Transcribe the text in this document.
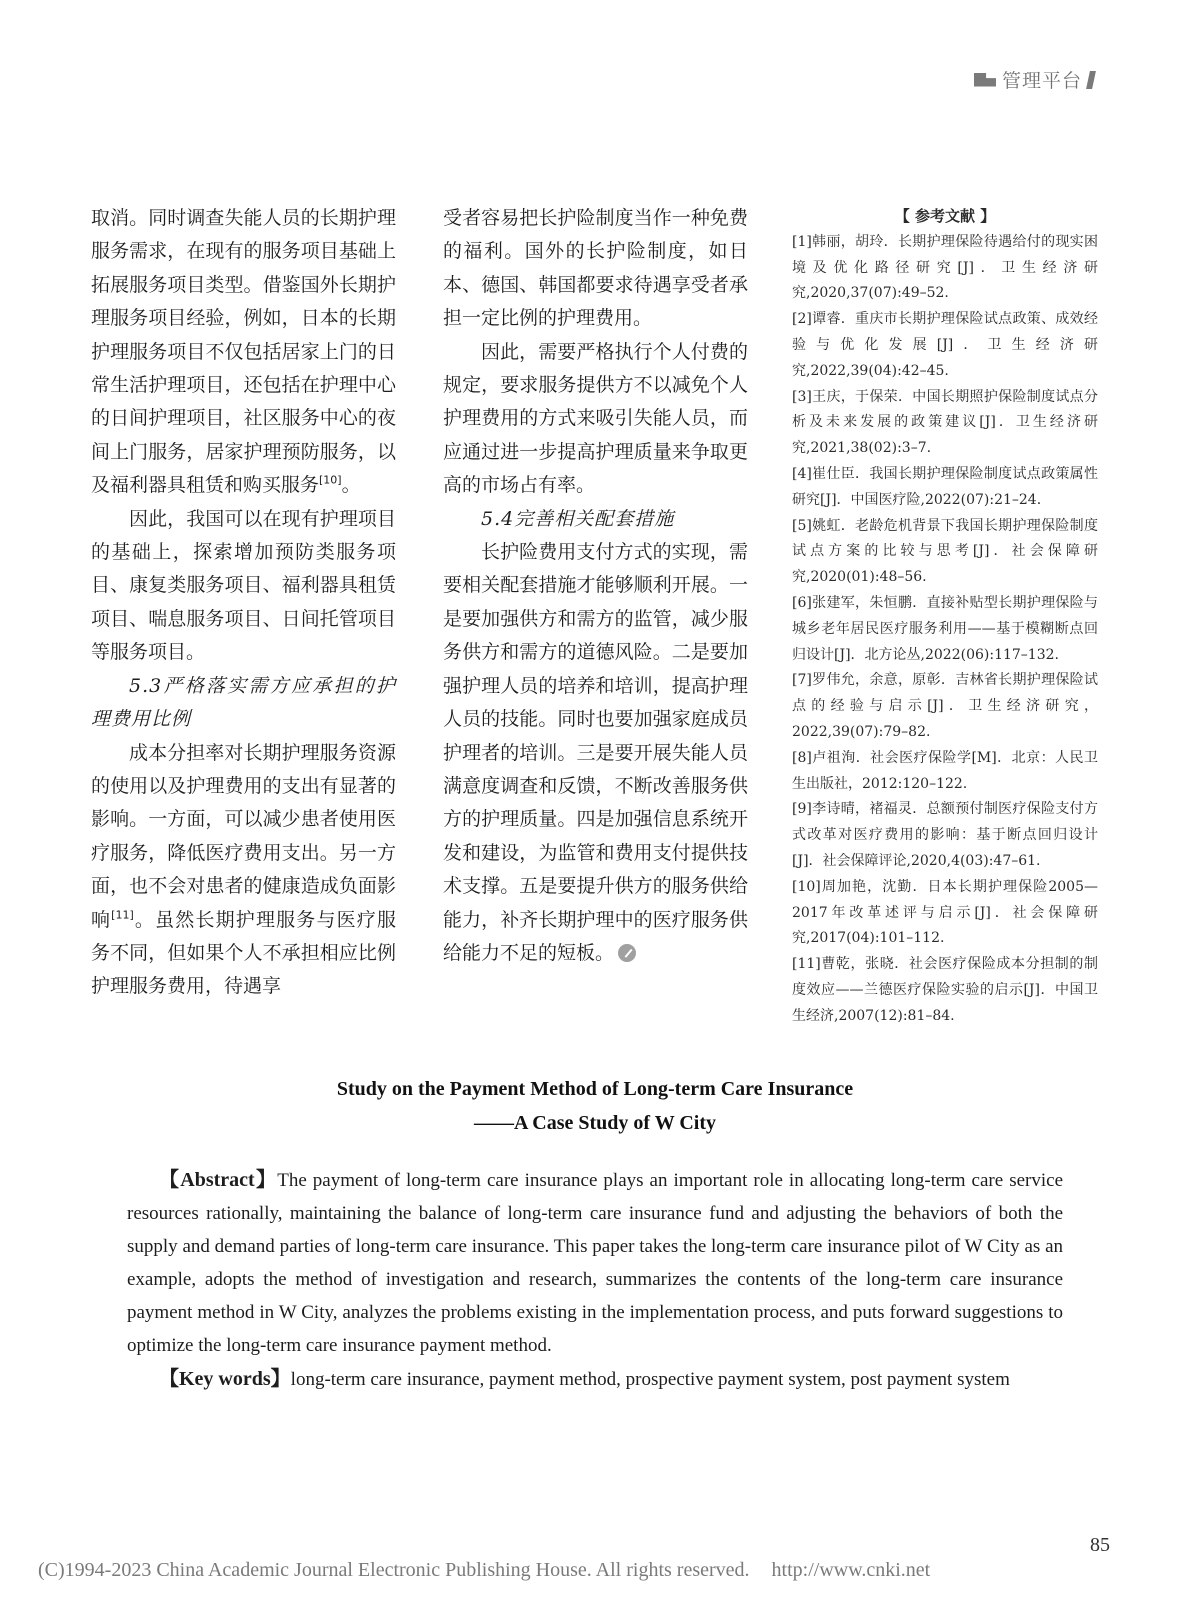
管理平台

取消。同时调查失能人员的长期护理服务需求，在现有的服务项目基础上拓展服务项目类型。借鉴国外长期护理服务项目经验，例如，日本的长期护理服务项目不仅包括居家上门的日常生活护理项目，还包括在护理中心的日间护理项目，社区服务中心的夜间上门服务，居家护理预防服务，以及福利器具租赁和购买服务[10]。

因此，我国可以在现有护理项目的基础上，探索增加预防类服务项目、康复类服务项目、福利器具租赁项目、喘息服务项目、日间托管项目等服务项目。

5.3严格落实需方应承担的护理费用比例

成本分担率对长期护理服务资源的使用以及护理费用的支出有显著的影响。一方面，可以减少患者使用医疗服务，降低医疗费用支出。另一方面，也不会对患者的健康造成负面影响[11]。虽然长期护理服务与医疗服务不同，但如果个人不承担相应比例护理服务费用，待遇享

受者容易把长护险制度当作一种免费的福利。国外的长护险制度，如日本、德国、韩国都要求待遇享受者承担一定比例的护理费用。

因此，需要严格执行个人付费的规定，要求服务提供方不以减免个人护理费用的方式来吸引失能人员，而应通过进一步提高护理质量来争取更高的市场占有率。

5.4完善相关配套措施

长护险费用支付方式的实现，需要相关配套措施才能够顺利开展。一是要加强供方和需方的监管，减少服务供方和需方的道德风险。二是要加强护理人员的培养和培训，提高护理人员的技能。同时也要加强家庭成员护理者的培训。三是要开展失能人员满意度调查和反馈，不断改善服务供方的护理质量。四是加强信息系统开发和建设，为监管和费用支付提供技术支撑。五是要提升供方的服务供给能力，补齐长期护理中的医疗服务供给能力不足的短板。

【 参考文献 】

[1]韩丽，胡玲．长期护理保险待遇给付的现实困境及优化路径研究[J]．卫生经济研究,2020,37(07):49–52.

[2]谭睿．重庆市长期护理保险试点政策、成效经验与优化发展[J]．卫生经济研究,2022,39(04):42–45.

[3]王庆，于保荣．中国长期照护保险制度试点分析及未来发展的政策建议[J]．卫生经济研究,2021,38(02):3–7.

[4]崔仕臣．我国长期护理保险制度试点政策属性研究[J]．中国医疗险,2022(07):21–24.

[5]姚虹．老龄危机背景下我国长期护理保险制度试点方案的比较与思考[J]．社会保障研究,2020(01):48–56.

[6]张建军，朱恒鹏．直接补贴型长期护理保险与城乡老年居民医疗服务利用——基于模糊断点回归设计[J]．北方论丛,2022(06):117–132.

[7]罗伟允，余意，原彰．吉林省长期护理保险试点的经验与启示[J]．卫生经济研究，2022,39(07):79–82.

[8]卢祖洵．社会医疗保险学[M]．北京：人民卫生出版社，2012:120–122.

[9]李诗晴，褚福灵．总额预付制医疗保险支付方式改革对医疗费用的影响：基于断点回归设计[J]．社会保障评论,2020,4(03):47–61.

[10]周加艳，沈勤．日本长期护理保险2005—2017年改革述评与启示[J]．社会保障研究,2017(04):101–112.

[11]曹乾，张晓．社会医疗保险成本分担制的制度效应——兰德医疗保险实验的启示[J]．中国卫生经济,2007(12):81–84.

Study on the Payment Method of Long-term Care Insurance
——A Case Study of W City
【Abstract】The payment of long-term care insurance plays an important role in allocating long-term care service resources rationally, maintaining the balance of long-term care insurance fund and adjusting the behaviors of both the supply and demand parties of long-term care insurance. This paper takes the long-term care insurance pilot of W City as an example, adopts the method of investigation and research, summarizes the contents of the long-term care insurance payment method in W City, analyzes the problems existing in the implementation process, and puts forward suggestions to optimize the long-term care insurance payment method.
【Key words】long-term care insurance, payment method, prospective payment system, post payment system
85
(C)1994-2023 China Academic Journal Electronic Publishing House. All rights reserved. http://www.cnki.net
